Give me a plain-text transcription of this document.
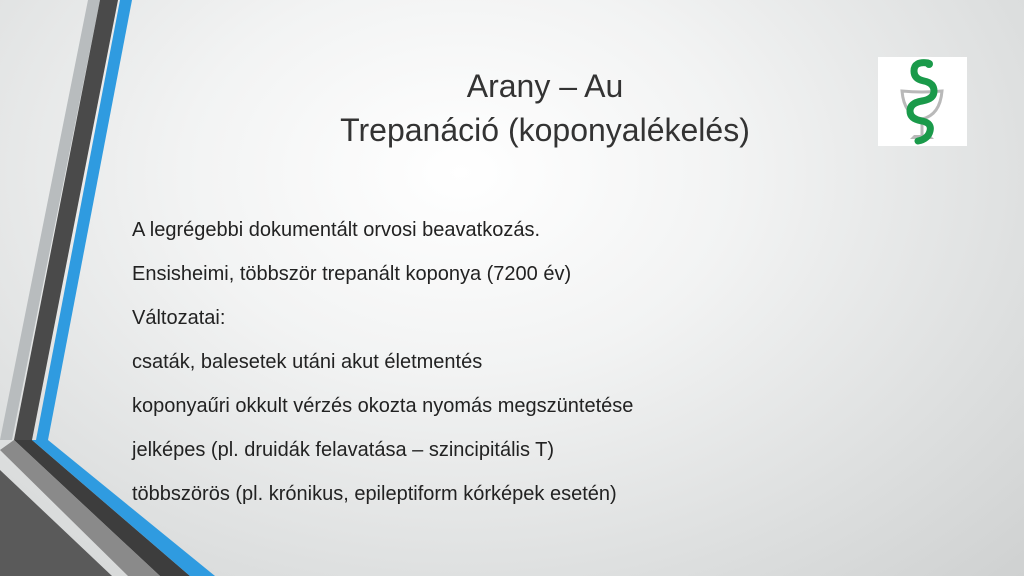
Arany – Au
Trepanáció (koponyalékelés)
A legrégebbi dokumentált orvosi beavatkozás.
Ensisheimi, többször trepanált koponya (7200 év)
Változatai:
csaták, balesetek utáni akut életmentés
koponyaűri okkult vérzés okozta nyomás megszüntetése
jelképes (pl. druidák felavatása – szincipitális T)
többszörös (pl. krónikus, epileptiform kórképek esetén)
